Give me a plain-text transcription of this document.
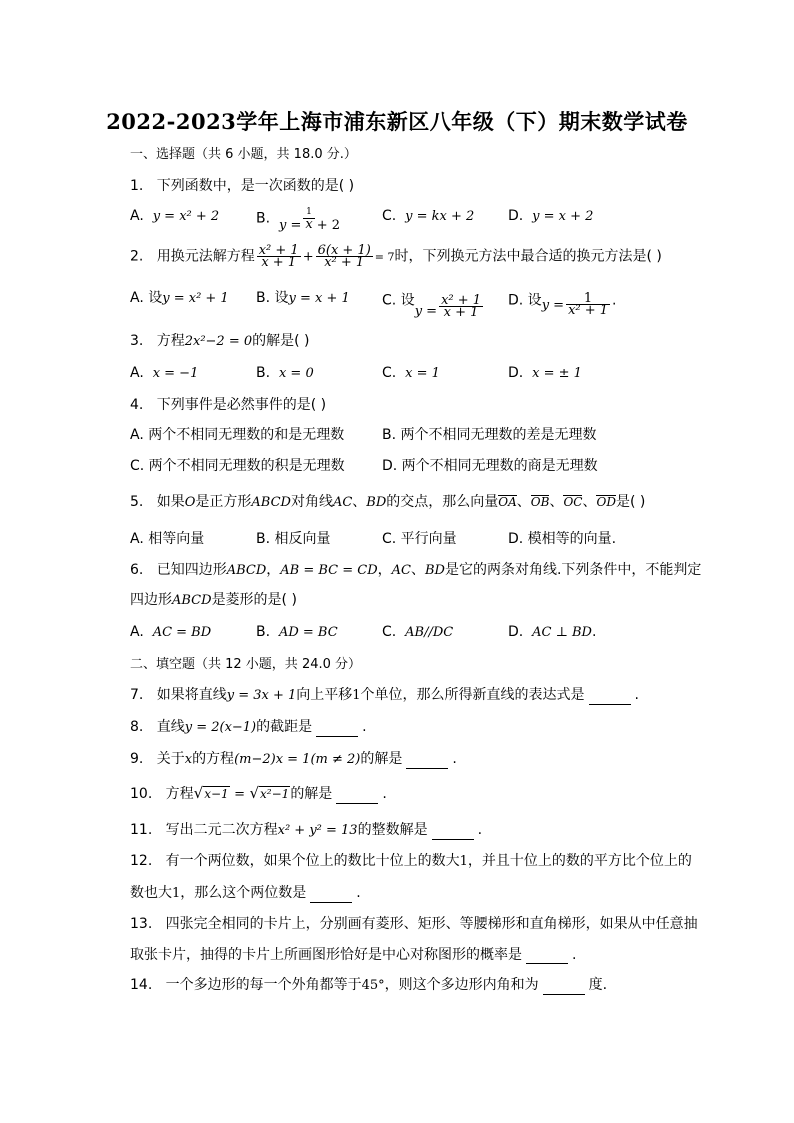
2022-2023学年上海市浦东新区八年级（下）期末数学试卷
一、选择题（共 6 小题，共 18.0 分.）
1. 下列函数中，是一次函数的是( )
A. y = x² + 2	B. $y = \frac{1}{x} + 2$
C. y = kx + 2 D. y = x + 2
2. 用换元法解方程 $\frac{\text{x² + 1}}{x + 1} + \frac{6(x + 1)}{\text{x² + 1}} = 7$时，下列换元方法中最合适的换元方法是( )
A. 设y = x² + 1 B. 设y = x + 1 C. 设$y = \frac{\text{x² + 1}}{x + 1} D$. 设$y = \frac{1}{\text{x² + 1}}$ .
3. 方程2x²−2 = 0的解是( )
A. x = −1	B. x = 0	C. x = 1	D. x = ± 1
4. 下列事件是必然事件的是( )
A. 两个不相同无理数的和是无理数	B. 两个不相同无理数的差是无理数
C. 两个不相同无理数的积是无理数	D. 两个不相同无理数的商是无理数
5. 如果O是正方形ABCD对角线AC、BD的交点，那么向量OA、OB、OC、OD是( )
A. 相等向量	B. 相反向量	C. 平行向量	D. 模相等的向量.
6. 已知四边形ABCD，AB = BC = CD，AC、BD是它的两条对角线.下列条件中，不能判定
四边形ABCD是菱形的是( )
A. AC = BD	B. AD = BC	C. AB//DC	D. AC ⊥ BD.
二、填空题（共 12 小题，共 24.0 分）
7. 如果将直线y = 3x + 1向上平移1个单位，那么所得新直线的表达式是	.
8. 直线y = 2(x−1)的截距是	.
9. 关于x的方程(m−2)x = 1(m ≠ 2)的解是	.
10. 方程√x−1 = √x²−1的解是	.
11. 写出二元二次方程x² + y² = 13的整数解是	.
12. 有一个两位数，如果个位上的数比十位上的数大1，并且十位上的数的平方比个位上的
数也大1，那么这个两位数是	.
13. 四张完全相同的卡片上，分别画有菱形、矩形、等腰梯形和直角梯形，如果从中任意抽
取张卡片，抽得的卡片上所画图形恰好是中心对称图形的概率是	.
14. 一个多边形的每一个外角都等于45°，则这个多边形内角和为	度.
